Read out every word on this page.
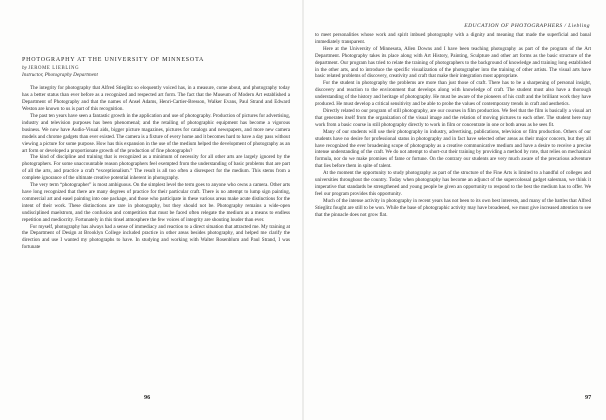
PHOTOGRAPHY AT THE UNIVERSITY OF MINNESOTA
by JEROME LIEBLING
Instructor, Photography Department

The integrity for photography that Alfred Stieglitz so eloquently voiced has, in a measure, come about, and photography today has a better status than ever before as a recognized and respected art form. The fact that the Museum of Modern Art established a Department of Photography and that the names of Ansel Adams, Henri-Cartier-Bresson, Walker Evans, Paul Strand and Edward Weston are known to us is part of this recognition.

The past ten years have seen a fantastic growth in the application and use of photography. Production of pictures for advertising, industry and television purposes has been phenomenal; and the retailing of photographic equipment has become a vigorous business. We now have Audio-Visual aids, bigger picture magazines, pictures for catalogs and newspapers, and more new camera models and chrome gadgets than ever existed. The camera is a fixture of every home and it becomes hard to have a day pass without viewing a picture for some purpose. How has this expansion in the use of the medium helped the development of photography as an art form or developed a proportionate growth of the production of fine photographs?

The kind of discipline and training that is recognized as a minimum of necessity for all other arts are largely ignored by the photographers. For some unaccountable reason photographers feel exempted from the understanding of basic problems that are part of all the arts, and practice a craft “exceptionalism.” The result is all too often a disrespect for the medium. This stems from a complete ignorance of the ultimate creative potential inherent in photography.

The very term “photographer” is most ambiguous. On the simplest level the term goes to anyone who owns a camera. Other arts have long recognized that there are many degrees of practice for their particular craft. There is no attempt to lump sign painting, commercial art and easel painting into one package, and those who participate in these various areas make acute distinctions for the intent of their work. These distinctions are rare in photography, but they should not be. Photography remains a wide-open undisciplined maelstrom, and the confusion and competition that must be faced often relegate the medium as a means to endless repetition and mediocrity. Fortunately in this tinsel atmosphere the few voices of integrity are shouting louder than ever.

For myself, photography has always had a sense of immediacy and reaction to a direct situation that attracted me. My training at the Department of Design at Brooklyn College included practice in other areas besides photography, and helped me clarify the direction and use I wanted my photographs to have. In studying and working with Walter Rosenblum and Paul Strand, I was fortunate

96
EDUCATION OF PHOTOGRAPHERS / Liebling

to meet personalities whose work and spirit imbued photography with a dignity and meaning that made the superficial and banal immediately transparent.

Here at the University of Minnesota, Allen Downs and I have been teaching photography as part of the program of the Art Department. Photography takes its place along with Art History, Painting, Sculpture and other art forms as the basic structure of the department. Our program has tried to relate the training of photographers to the background of knowledge and training long established in the other arts, and to introduce the specific visualization of the photographer into the training of other artists. The visual arts have basic related problems of discovery, creativity and craft that make their integration most appropriate.

For the student in photography the problems are more than just those of craft. There has to be a sharpening of personal insight, discovery and reaction to the environment that develops along with knowledge of craft. The student must also have a thorough understanding of the history and heritage of photography. He must be aware of the pioneers of his craft and the brilliant work they have produced. He must develop a critical sensitivity and be able to probe the values of contemporary trends in craft and aesthetics.

Directly related to our program of still photography, are our courses in film production. We feel that the film is basically a visual art that generates itself from the organization of the visual image and the relation of moving pictures to each other. The student here may work from a basic course in still photography directly to work in film or concentrate in one or both areas as he sees fit.

Many of our students will use their photography in industry, advertising, publications, television or film production. Others of our students have no desire for professional status in photography and in fact have selected other areas as their major concern, but they all have recognized the ever broadening scope of photography as a creative communicative medium and have a desire to receive a precise intense understanding of the craft. We do not attempt to short-cut their training by providing a method by rote, that relies on mechanical formula, nor do we make promises of fame or fortune. On the contrary our students are very much aware of the precarious adventure that lies before them in spite of talent.

At the moment the opportunity to study photography as part of the structure of the Fine Arts is limited to a handful of colleges and universities throughout the country. Today when photography has become an adjunct of the supercolossal gadget salesman, we think it imperative that standards be strengthened and young people be given an opportunity to respond to the best the medium has to offer. We feel our program provides this opportunity.

Much of the intense activity in photography in recent years has not been to its own best interests, and many of the battles that Alfred Stieglitz fought are still to be won. While the base of photographic activity may have broadened, we must give increased attention to see that the pinnacle does not grow flat.

97
